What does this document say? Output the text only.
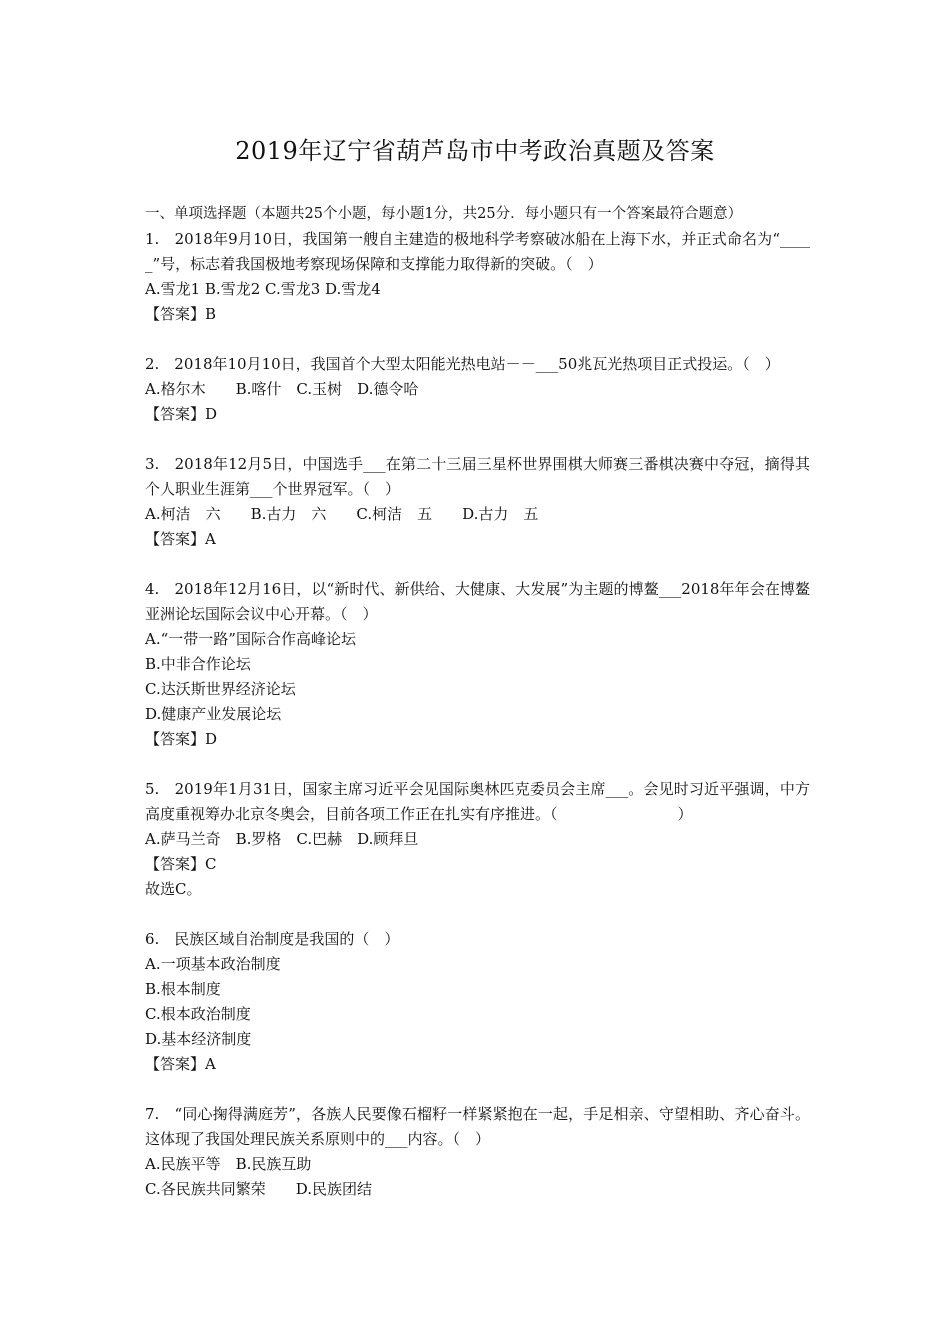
2019年辽宁省葫芦岛市中考政治真题及答案
一、单项选择题（本题共25个小题，每小题1分，共25分．每小题只有一个答案最符合题意）
1.　2018年9月10日，我国第一艘自主建造的极地科学考察破冰船在上海下水，并正式命名为“_____”号，标志着我国极地考察现场保障和支撑能力取得新的突破。（　）
A.雪龙1 B.雪龙2 C.雪龙3 D.雪龙4
【答案】B
2.　2018年10月10日，我国首个大型太阳能光热电站－－___50兆瓦光热项目正式投运。（　）
A.格尔木　　B.喀什　C.玉树　D.德令哈
【答案】D
3.　2018年12月5日，中国选手___在第二十三届三星杯世界围棋大师赛三番棋决赛中夺冠，摘得其个人职业生涯第___个世界冠军。（　）
A.柯洁　六　　B.古力　六　　C.柯洁　五　　D.古力　五
【答案】A
4.　2018年12月16日，以“新时代、新供给、大健康、大发展”为主题的博鳌___2018年年会在博鳌亚洲论坛国际会议中心开幕。（　）
A.“一带一路”国际合作高峰论坛
B.中非合作论坛
C.达沃斯世界经济论坛
D.健康产业发展论坛
【答案】D
5.　2019年1月31日，国家主席习近平会见国际奥林匹克委员会主席___。会见时习近平强调，中方高度重视筹办北京冬奥会，目前各项工作正在扎实有序推进。（　　　　　　　　）
A.萨马兰奇　B.罗格　C.巴赫　D.顾拜旦
【答案】C
故选C。
6.　民族区域自治制度是我国的（　）
A.一项基本政治制度
B.根本制度
C.根本政治制度
D.基本经济制度
【答案】A
7.　“同心掬得满庭芳”，各族人民要像石榴籽一样紧紧抱在一起，手足相亲、守望相助、齐心奋斗。这体现了我国处理民族关系原则中的___内容。（　）
A.民族平等　B.民族互助
C.各民族共同繁荣　　D.民族团结
